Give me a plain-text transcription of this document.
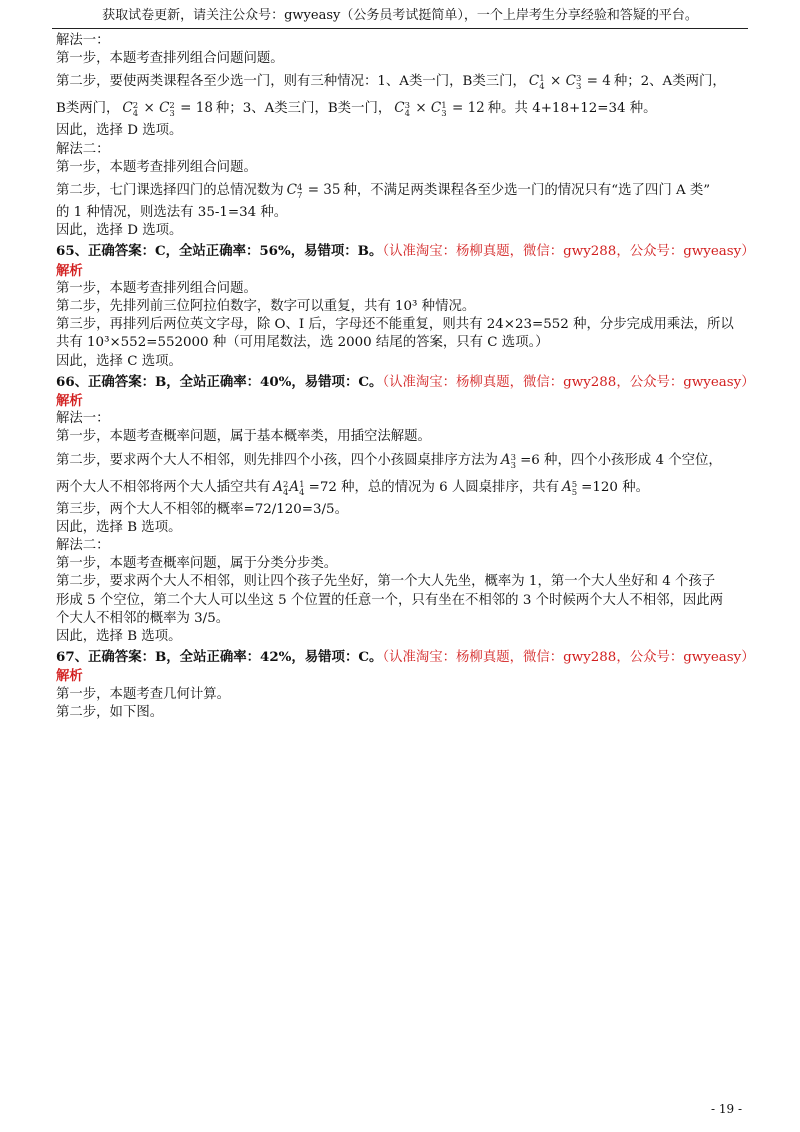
获取试卷更新，请关注公众号：gwyeasy（公务员考试挺简单），一个上岸考生分享经验和答疑的平台。
解法一：
第一步，本题考查排列组合问题问题。
第二步，要使两类课程各至少选一门，则有三种情况：1、A类一门，B类三门， C 1
4 × C 3
3 = 4 种；2、A类两门，
B类两门， C 2
4 × C 2
3 = 18 种；3、A类三门，B类一门， C 3
4 × C 1
3 = 12 种。共 4+18+12=34 种。
因此，选择 D 选项。
解法二：
第一步，本题考查排列组合问题。
第二步，七门课选择四门的总情况数为 C 4
7 = 35 种，不满足两类课程各至少选一门的情况只有“选了四门 A 类”
的 1 种情况，则选法有 35-1=34 种。
因此，选择 D 选项。
65、正确答案：C，全站正确率：56%，易错项：B。（认准淘宝：杨柳真题，微信：gwy288，公众号：gwyeasy）
解析
第一步，本题考查排列组合问题。
第二步，先排列前三位阿拉伯数字，数字可以重复，共有 10³ 种情况。
第三步，再排列后两位英文字母，除 O、I 后，字母还不能重复，则共有 24×23=552 种，分步完成用乘法，所以
共有 10³×552=552000 种（可用尾数法，选 2000 结尾的答案，只有 C 选项。）
因此，选择 C 选项。
66、正确答案：B，全站正确率：40%，易错项：C。（认准淘宝：杨柳真题，微信：gwy288，公众号：gwyeasy）
解析
解法一：
第一步，本题考查概率问题，属于基本概率类，用插空法解题。
第二步，要求两个大人不相邻，则先排四个小孩，四个小孩圆桌排序方法为 A 3
3 =6 种，四个小孩形成 4 个空位，
两个大人不相邻将两个大人插空共有 A 2
4 A 1
4 =72 种，总的情况为 6 人圆桌排序，共有 A 5
5 =120 种。
第三步，两个大人不相邻的概率=72/120=3/5。
因此，选择 B 选项。
解法二：
第一步，本题考查概率问题，属于分类分步类。
第二步，要求两个大人不相邻，则让四个孩子先坐好，第一个大人先坐，概率为 1，第一个大人坐好和 4 个孩子
形成 5 个空位，第二个大人可以坐这 5 个位置的任意一个，只有坐在不相邻的 3 个时候两个大人不相邻，因此两
个大人不相邻的概率为 3/5。
因此，选择 B 选项。
67、正确答案：B，全站正确率：42%，易错项：C。（认准淘宝：杨柳真题，微信：gwy288，公众号：gwyeasy）
解析
第一步，本题考查几何计算。
第二步，如下图。
- 19 -
